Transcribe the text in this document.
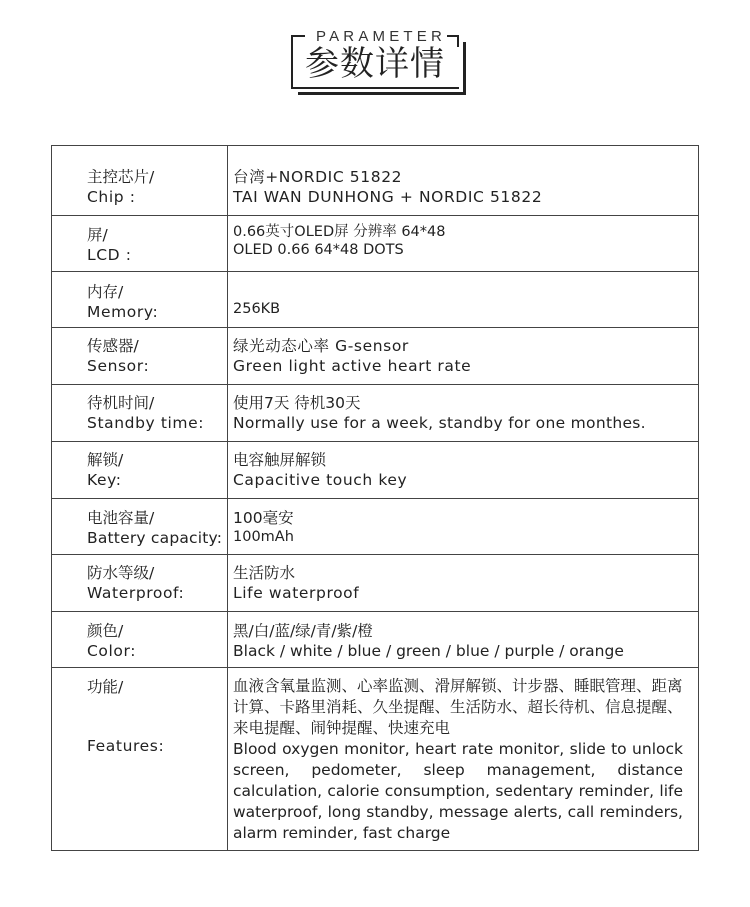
PARAMETER
参数详情
主控芯片/
Chip :
台湾+NORDIC 51822
TAI WAN DUNHONG + NORDIC 51822
屏/
LCD :
0.66英寸OLED屏 分辨率 64*48
OLED 0.66 64*48 DOTS
内存/
Memory:	256KB
传感器/
Sensor:
绿光动态心率 G-sensor
Green light active heart rate
待机时间/
Standby time:
使用7天 待机30天
Normally use for a week, standby for one monthes.
解锁/
Key:
电容触屏解锁
Capacitive touch key
电池容量/
Battery capacity:
100毫安
100mAh
防水等级/
Waterproof:
生活防水
Life waterproof
颜色/
Color:
黑/白/蓝/绿/青/紫/橙
Black / white / blue / green / blue / purple / orange
功能/
Features:
血液含氧量监测、心率监测、滑屏解锁、计步器、睡眠管理、距离计算、卡路里消耗、久坐提醒、生活防水、超长待机、信息提醒、来电提醒、闹钟提醒、快速充电
Blood oxygen monitor, heart rate monitor, slide to unlock screen, pedometer, sleep management, distance calculation, calorie consumption, sedentary reminder, life waterproof, long standby, message alerts, call reminders, alarm reminder, fast charge
